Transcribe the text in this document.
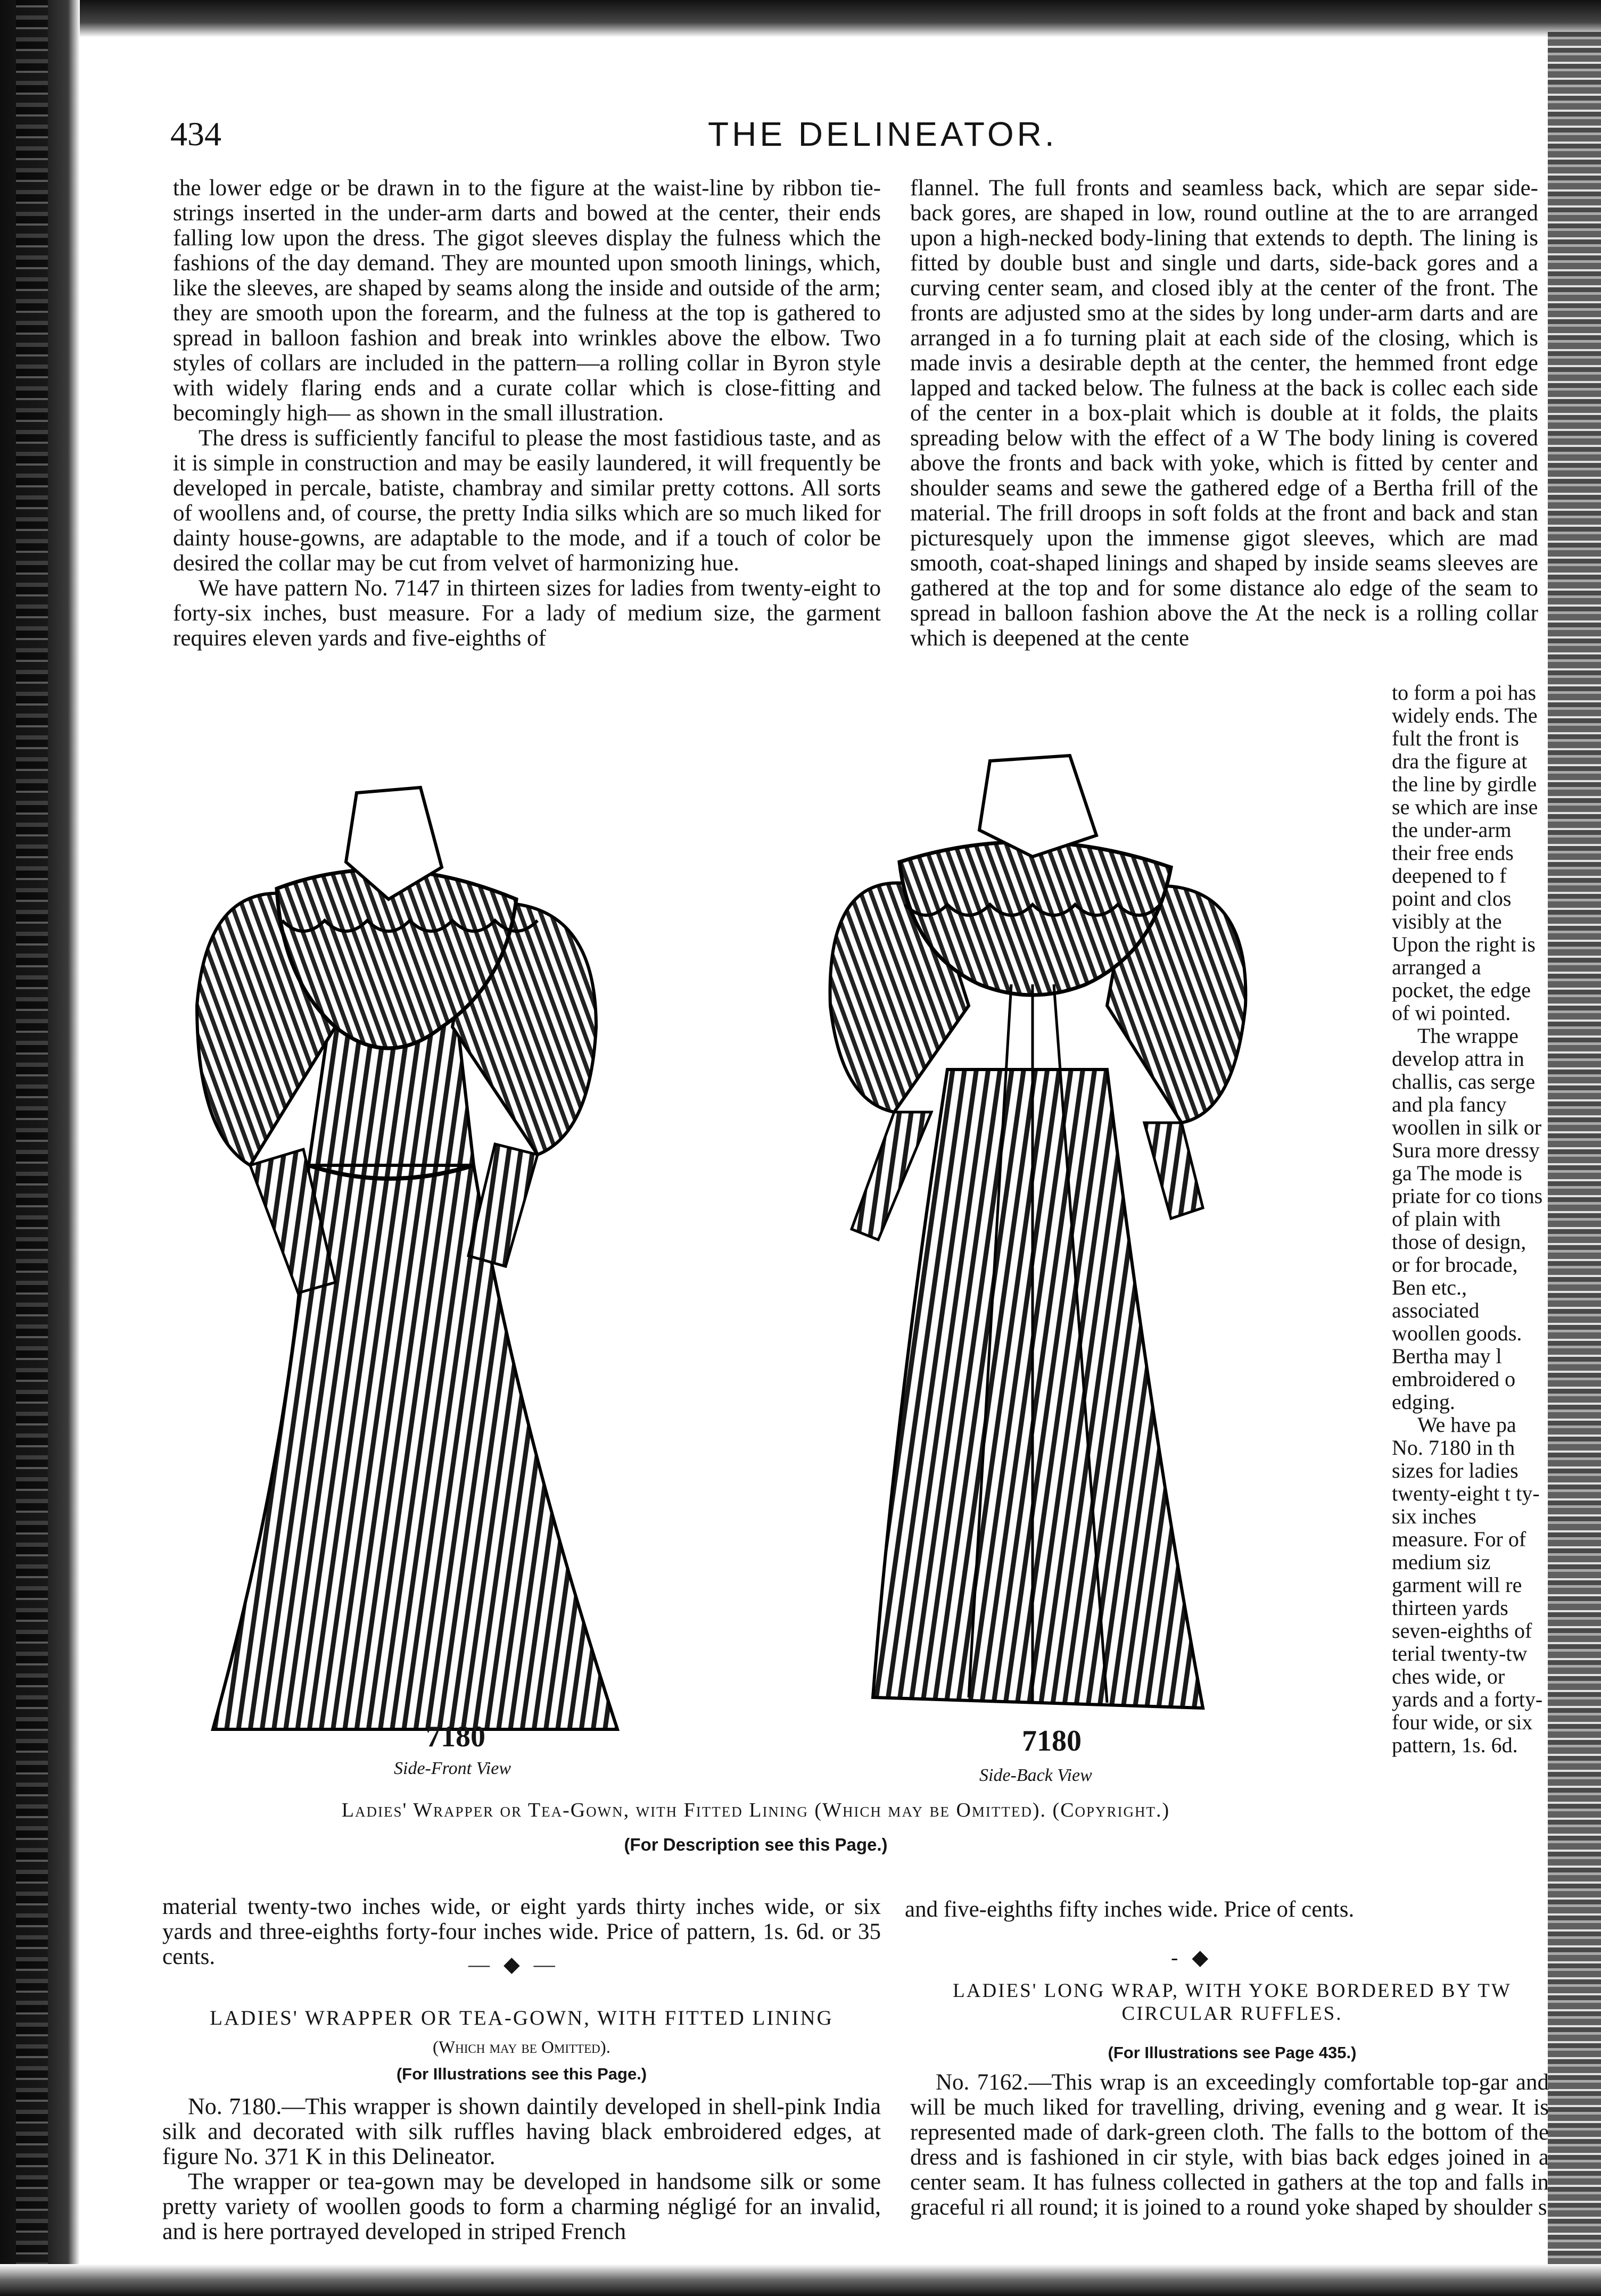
434	THE DELINEATOR.

the lower edge or be drawn in to the figure at the waist-line by ribbon tie-strings inserted in the under-arm darts and bowed at the center, their ends falling low upon the dress. The gigot sleeves display the fulness which the fashions of the day demand. They are mounted upon smooth linings, which, like the sleeves, are shaped by seams along the inside and outside of the arm; they are smooth upon the forearm, and the fulness at the top is gathered to spread in balloon fashion and break into wrinkles above the elbow. Two styles of collars are included in the pattern—a rolling collar in Byron style with widely flaring ends and a curate collar which is close-fitting and becomingly high— as shown in the small illustration.

The dress is sufficiently fanciful to please the most fastidious taste, and as it is simple in construction and may be easily laundered, it will frequently be developed in percale, batiste, chambray and similar pretty cottons. All sorts of woollens and, of course, the pretty India silks which are so much liked for dainty house-gowns, are adaptable to the mode, and if a touch of color be desired the collar may be cut from velvet of harmonizing hue.

We have pattern No. 7147 in thirteen sizes for ladies from twenty-eight to forty-six inches, bust measure. For a lady of medium size, the garment requires eleven yards and five-eighths of

flannel. The full fronts and seamless back, which are separ side-back gores, are shaped in low, round outline at the to are arranged upon a high-necked body-lining that extends to depth. The lining is fitted by double bust and single und darts, side-back gores and a curving center seam, and closed ibly at the center of the front. The fronts are adjusted smo at the sides by long under-arm darts and are arranged in a fo turning plait at each side of the closing, which is made invis a desirable depth at the center, the hemmed front edge lapped and tacked below. The fulness at the back is collec each side of the center in a box-plait which is double at it folds, the plaits spreading below with the effect of a W The body lining is covered above the fronts and back with yoke, which is fitted by center and shoulder seams and sewe the gathered edge of a Bertha frill of the material. The frill droops in soft folds at the front and back and stan picturesquely upon the immense gigot sleeves, which are mad smooth, coat-shaped linings and shaped by inside seams sleeves are gathered at the top and for some distance alo edge of the seam to spread in balloon fashion above the At the neck is a rolling collar which is deepened at the cente

to form a poi has widely ends. The fult the front is dra the figure at the line by girdle se which are inse the under-arm their free ends deepened to f point and clos visibly at the Upon the right is arranged a pocket, the edge of wi pointed.

The wrappe develop attra in challis, cas serge and pla fancy woollen in silk or Sura more dressy ga The mode is priate for co tions of plain with those of design, or for brocade, Ben etc., associated woollen goods. Bertha may l embroidered o edging.

We have pa No. 7180 in th sizes for ladies twenty-eight t ty-six inches measure. For of medium siz garment will re thirteen yards seven-eighths of terial twenty-tw ches wide, or yards and a forty-four wide, or six pattern, 1s. 6d.

7180
Side-Front View
7180
Side-Back View
Ladies' Wrapper or Tea-Gown, with Fitted Lining (Which may be Omitted). (Copyright.)
(For Description see this Page.)
material twenty-two inches wide, or eight yards thirty inches wide, or six yards and three-eighths forty-four inches wide. Price of pattern, 1s. 6d. or 35 cents.	— ◆ —
LADIES' WRAPPER OR TEA-GOWN, WITH FITTED LINING
(Which may be Omitted).
(For Illustrations see this Page.)

No. 7180.—This wrapper is shown daintily developed in shell-pink India silk and decorated with silk ruffles having black embroidered edges, at figure No. 371 K in this Delineator.

The wrapper or tea-gown may be developed in handsome silk or some pretty variety of woollen goods to form a charming négligé for an invalid, and is here portrayed developed in striped French

and five-eighths fifty inches wide. Price of cents.
- ◆
LADIES' LONG WRAP, WITH YOKE BORDERED BY TW CIRCULAR RUFFLES.
(For Illustrations see Page 435.)

No. 7162.—This wrap is an exceedingly comfortable top-gar and will be much liked for travelling, driving, evening and g wear. It is represented made of dark-green cloth. The falls to the bottom of the dress and is fashioned in cir style, with bias back edges joined in a center seam. It has fulness collected in gathers at the top and falls in graceful ri all round; it is joined to a round yoke shaped by shoulder s
